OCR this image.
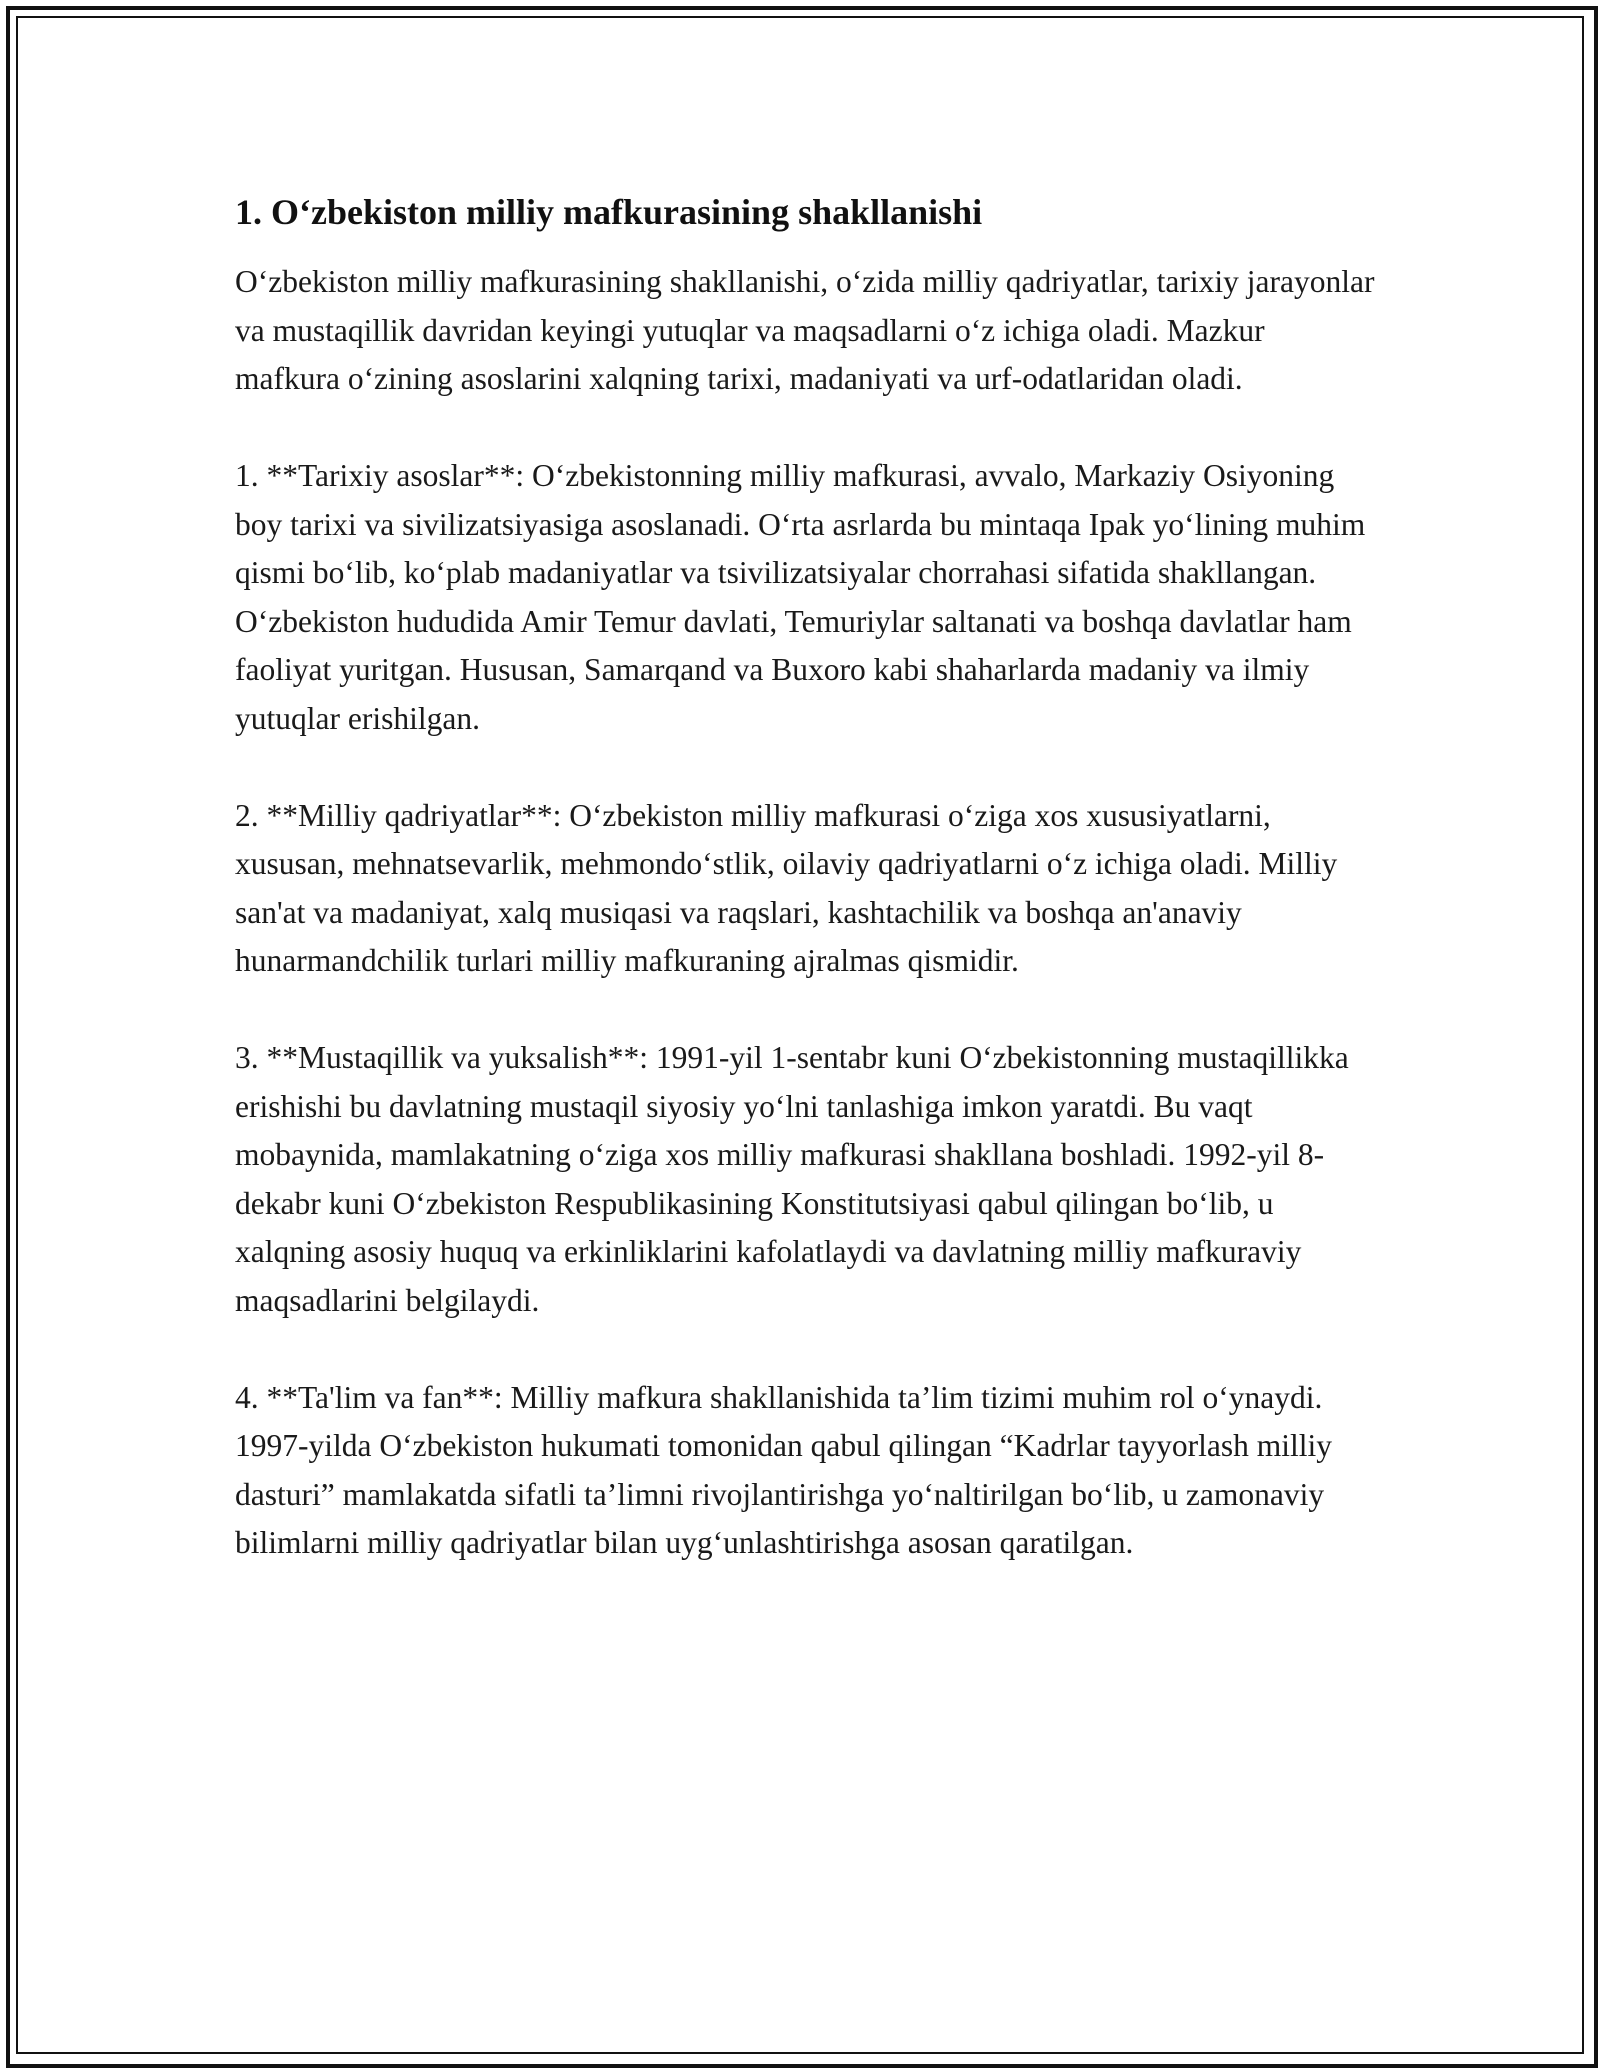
1. O‘zbekiston milliy mafkurasining shakllanishi

O‘zbekiston milliy mafkurasining shakllanishi, o‘zida milliy qadriyatlar, tarixiy jarayonlar va mustaqillik davridan keyingi yutuqlar va maqsadlarni o‘z ichiga oladi. Mazkur mafkura o‘zining asoslarini xalqning tarixi, madaniyati va urf-odatlaridan oladi.

1. **Tarixiy asoslar**: O‘zbekistonning milliy mafkurasi, avvalo, Markaziy Osiyoning boy tarixi va sivilizatsiyasiga asoslanadi. O‘rta asrlarda bu mintaqa Ipak yo‘lining muhim qismi bo‘lib, ko‘plab madaniyatlar va tsivilizatsiyalar chorrahasi sifatida shakllangan. O‘zbekiston hududida Amir Temur davlati, Temuriylar saltanati va boshqa davlatlar ham faoliyat yuritgan. Hususan, Samarqand va Buxoro kabi shaharlarda madaniy va ilmiy yutuqlar erishilgan.

2. **Milliy qadriyatlar**: O‘zbekiston milliy mafkurasi o‘ziga xos xususiyatlarni, xususan, mehnatsevarlik, mehmondo‘stlik, oilaviy qadriyatlarni o‘z ichiga oladi. Milliy san'at va madaniyat, xalq musiqasi va raqslari, kashtachilik va boshqa an'anaviy hunarmandchilik turlari milliy mafkuraning ajralmas qismidir.

3. **Mustaqillik va yuksalish**: 1991-yil 1-sentabr kuni O‘zbekistonning mustaqillikka erishishi bu davlatning mustaqil siyosiy yo‘lni tanlashiga imkon yaratdi. Bu vaqt mobaynida, mamlakatning o‘ziga xos milliy mafkurasi shakllana boshladi. 1992-yil 8-dekabr kuni O‘zbekiston Respublikasining Konstitutsiyasi qabul qilingan bo‘lib, u xalqning asosiy huquq va erkinliklarini kafolatlaydi va davlatning milliy mafkuraviy maqsadlarini belgilaydi.

4. **Ta'lim va fan**: Milliy mafkura shakllanishida ta’lim tizimi muhim rol o‘ynaydi. 1997-yilda O‘zbekiston hukumati tomonidan qabul qilingan “Kadrlar tayyorlash milliy dasturi” mamlakatda sifatli ta’limni rivojlantirishga yo‘naltirilgan bo‘lib, u zamonaviy bilimlarni milliy qadriyatlar bilan uyg‘unlashtirishga asosan qaratilgan.
